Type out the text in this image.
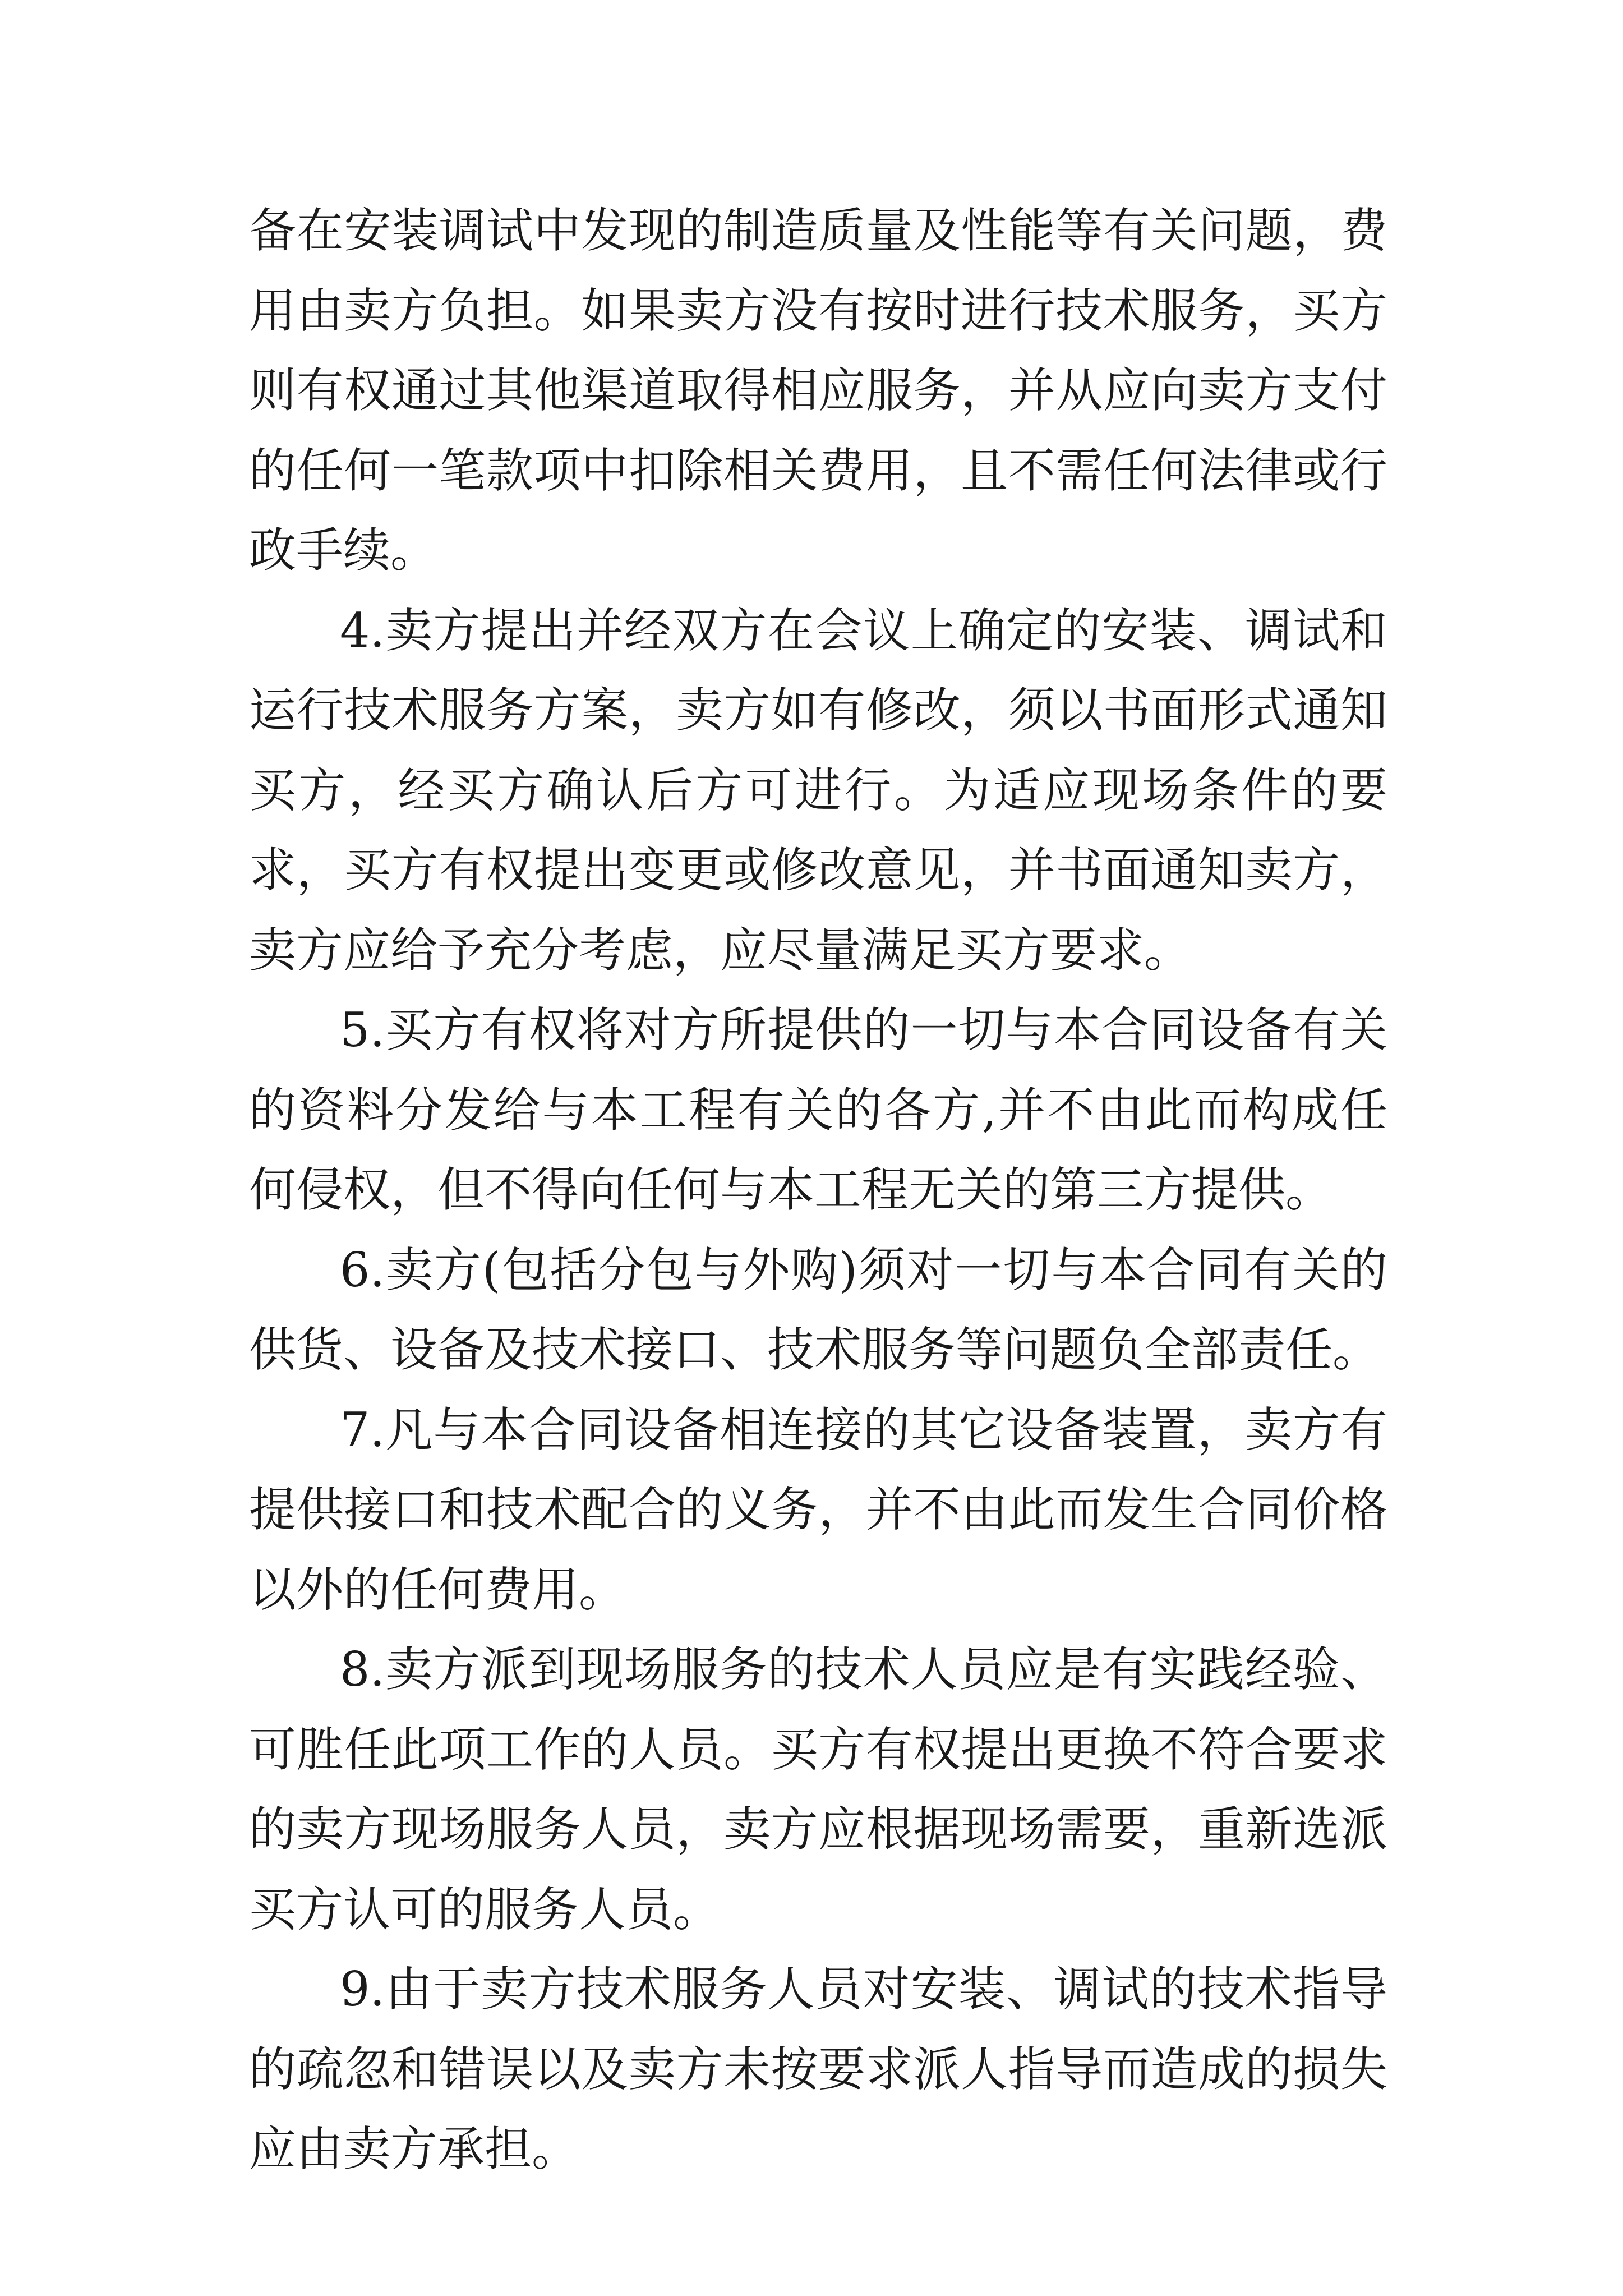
备在安装调试中发现的制造质量及性能等有关问题，费用由卖方负担。如果卖方没有按时进行技术服务，买方则有权通过其他渠道取得相应服务，并从应向卖方支付的任何一笔款项中扣除相关费用，且不需任何法律或行政手续。

4.卖方提出并经双方在会议上确定的安装、调试和运行技术服务方案，卖方如有修改，须以书面形式通知买方，经买方确认后方可进行。为适应现场条件的要求，买方有权提出变更或修改意见，并书面通知卖方，卖方应给予充分考虑，应尽量满足买方要求。

5.买方有权将对方所提供的一切与本合同设备有关的资料分发给与本工程有关的各方,并不由此而构成任何侵权，但不得向任何与本工程无关的第三方提供。

6.卖方(包括分包与外购)须对一切与本合同有关的供货、设备及技术接口、技术服务等问题负全部责任。

7.凡与本合同设备相连接的其它设备装置，卖方有提供接口和技术配合的义务，并不由此而发生合同价格以外的任何费用。

8.卖方派到现场服务的技术人员应是有实践经验、可胜任此项工作的人员。买方有权提出更换不符合要求的卖方现场服务人员，卖方应根据现场需要，重新选派买方认可的服务人员。

9.由于卖方技术服务人员对安装、调试的技术指导的疏忽和错误以及卖方未按要求派人指导而造成的损失应由卖方承担。
